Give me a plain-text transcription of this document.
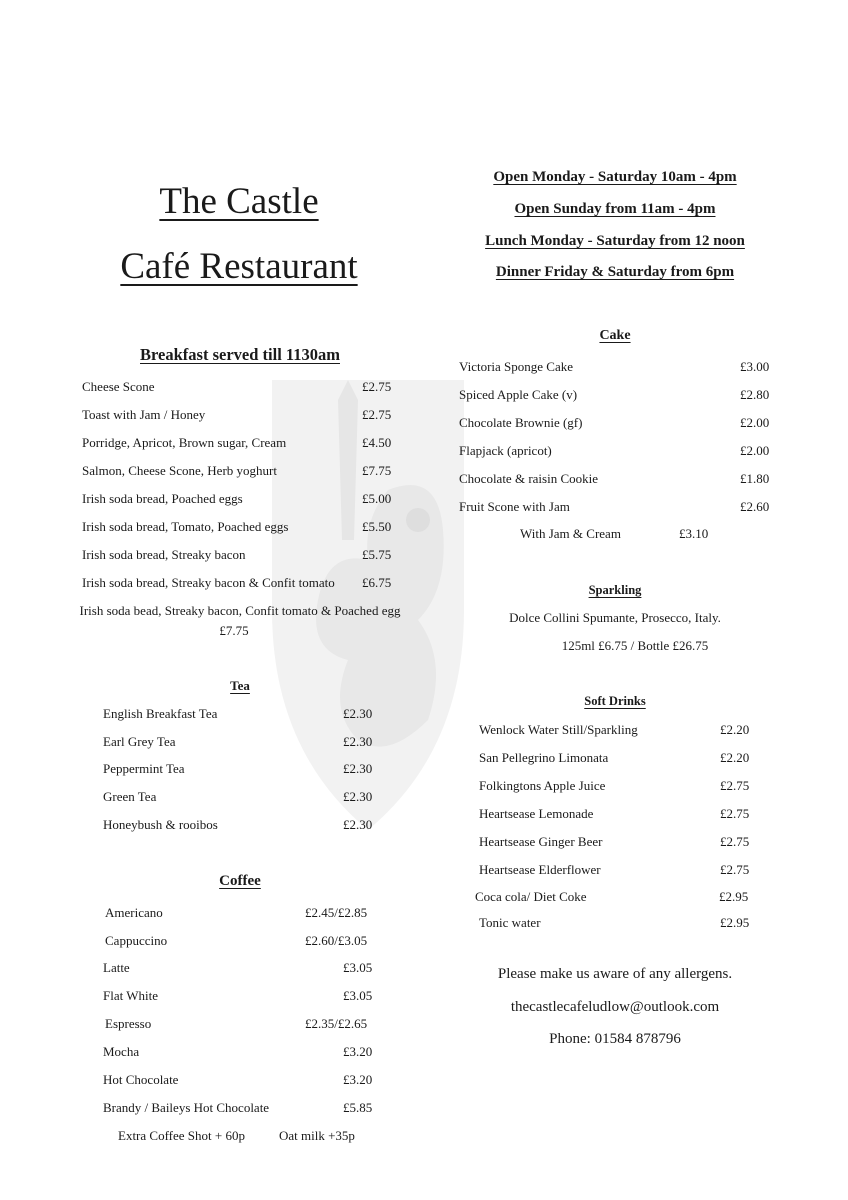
The Castle
Café Restaurant
Open Monday - Saturday 10am - 4pm
Open Sunday from 11am - 4pm
Lunch Monday - Saturday from 12 noon
Dinner Friday & Saturday from 6pm
Breakfast served till 1130am
Cheese Scone	£2.75
Toast with Jam / Honey	£2.75
Porridge, Apricot, Brown sugar, Cream	£4.50
Salmon, Cheese Scone, Herb yoghurt	£7.75
Irish soda bread, Poached eggs	£5.00
Irish soda bread, Tomato, Poached eggs	£5.50
Irish soda bread, Streaky bacon	£5.75
Irish soda bread, Streaky bacon & Confit tomato £6.75
Irish soda bead, Streaky bacon, Confit tomato & Poached egg
£7.75
Tea
English Breakfast Tea	£2.30
Earl Grey Tea	£2.30
Peppermint Tea	£2.30
Green Tea	£2.30
Honeybush & rooibos	£2.30
Coffee
Americano	£2.45/£2.85
Cappuccino	£2.60/£3.05
Latte	£3.05
Flat White	£3.05
Espresso	£2.35/£2.65
Mocha	£3.20
Hot Chocolate	£3.20
Brandy / Baileys Hot Chocolate	£5.85
Extra Coffee Shot + 60p	Oat milk +35p
Cake
Victoria Sponge Cake	£3.00
Spiced Apple Cake (v)	£2.80
Chocolate Brownie (gf)	£2.00
Flapjack (apricot)	£2.00
Chocolate & raisin Cookie	£1.80
Fruit Scone with Jam	£2.60
With Jam & Cream	£3.10
Sparkling
Dolce Collini Spumante, Prosecco, Italy.
125ml £6.75 / Bottle £26.75
Soft Drinks
Wenlock Water Still/Sparkling	£2.20
San Pellegrino Limonata	£2.20
Folkingtons Apple Juice	£2.75
Heartsease Lemonade	£2.75
Heartsease Ginger Beer	£2.75
Heartsease Elderflower	£2.75
Coca cola/ Diet Coke	£2.95
Tonic water	£2.95
Please make us aware of any allergens.
thecastlecafeludlow@outlook.com
Phone: 01584 878796
